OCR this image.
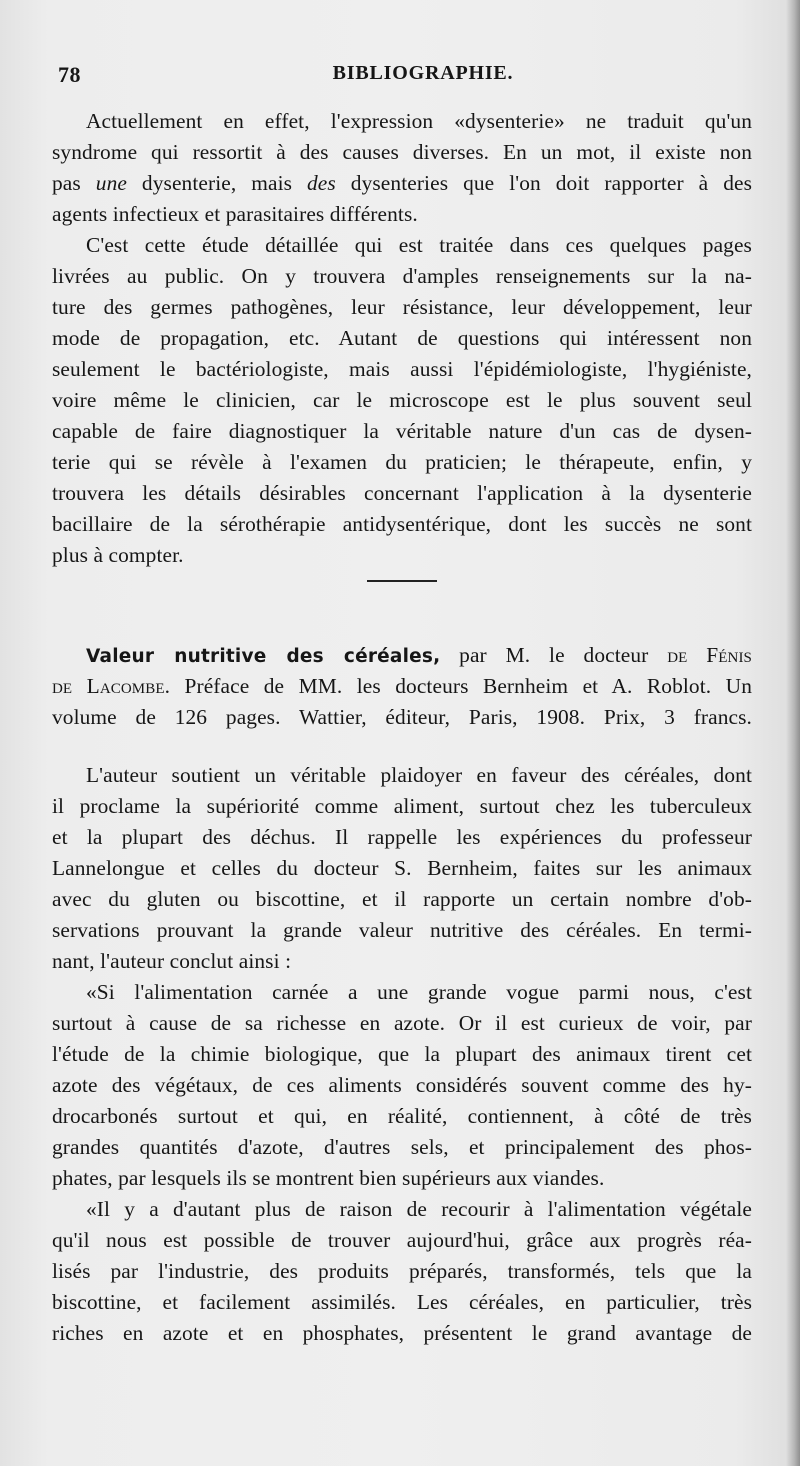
78	BIBLIOGRAPHIE.
Actuellement en effet, l'expression «dysenterie» ne traduit qu'un
syndrome qui ressortit à des causes diverses. En un mot, il existe non
pas une dysenterie, mais des dysenteries que l'on doit rapporter à des
agents infectieux et parasitaires différents.
C'est cette étude détaillée qui est traitée dans ces quelques pages
livrées au public. On y trouvera d'amples renseignements sur la na-
ture des germes pathogènes, leur résistance, leur développement, leur
mode de propagation, etc. Autant de questions qui intéressent non
seulement le bactériologiste, mais aussi l'épidémiologiste, l'hygiéniste,
voire même le clinicien, car le microscope est le plus souvent seul
capable de faire diagnostiquer la véritable nature d'un cas de dysen-
terie qui se révèle à l'examen du praticien; le thérapeute, enfin, y
trouvera les détails désirables concernant l'application à la dysenterie
bacillaire de la sérothérapie antidysentérique, dont les succès ne sont
plus à compter.
Valeur nutritive des céréales, par M. le docteur de Fénis
de Lacombe. Préface de MM. les docteurs Bernheim et A. Roblot. Un
volume de 126 pages. Wattier, éditeur, Paris, 1908. Prix, 3 francs.
L'auteur soutient un véritable plaidoyer en faveur des céréales, dont
il proclame la supériorité comme aliment, surtout chez les tuberculeux
et la plupart des déchus. Il rappelle les expériences du professeur
Lannelongue et celles du docteur S. Bernheim, faites sur les animaux
avec du gluten ou biscottine, et il rapporte un certain nombre d'ob-
servations prouvant la grande valeur nutritive des céréales. En termi-
nant, l'auteur conclut ainsi :
«Si l'alimentation carnée a une grande vogue parmi nous, c'est
surtout à cause de sa richesse en azote. Or il est curieux de voir, par
l'étude de la chimie biologique, que la plupart des animaux tirent cet
azote des végétaux, de ces aliments considérés souvent comme des hy-
drocarbonés surtout et qui, en réalité, contiennent, à côté de très
grandes quantités d'azote, d'autres sels, et principalement des phos-
phates, par lesquels ils se montrent bien supérieurs aux viandes.
«Il y a d'autant plus de raison de recourir à l'alimentation végétale
qu'il nous est possible de trouver aujourd'hui, grâce aux progrès réa-
lisés par l'industrie, des produits préparés, transformés, tels que la
biscottine, et facilement assimilés. Les céréales, en particulier, très
riches en azote et en phosphates, présentent le grand avantage de
